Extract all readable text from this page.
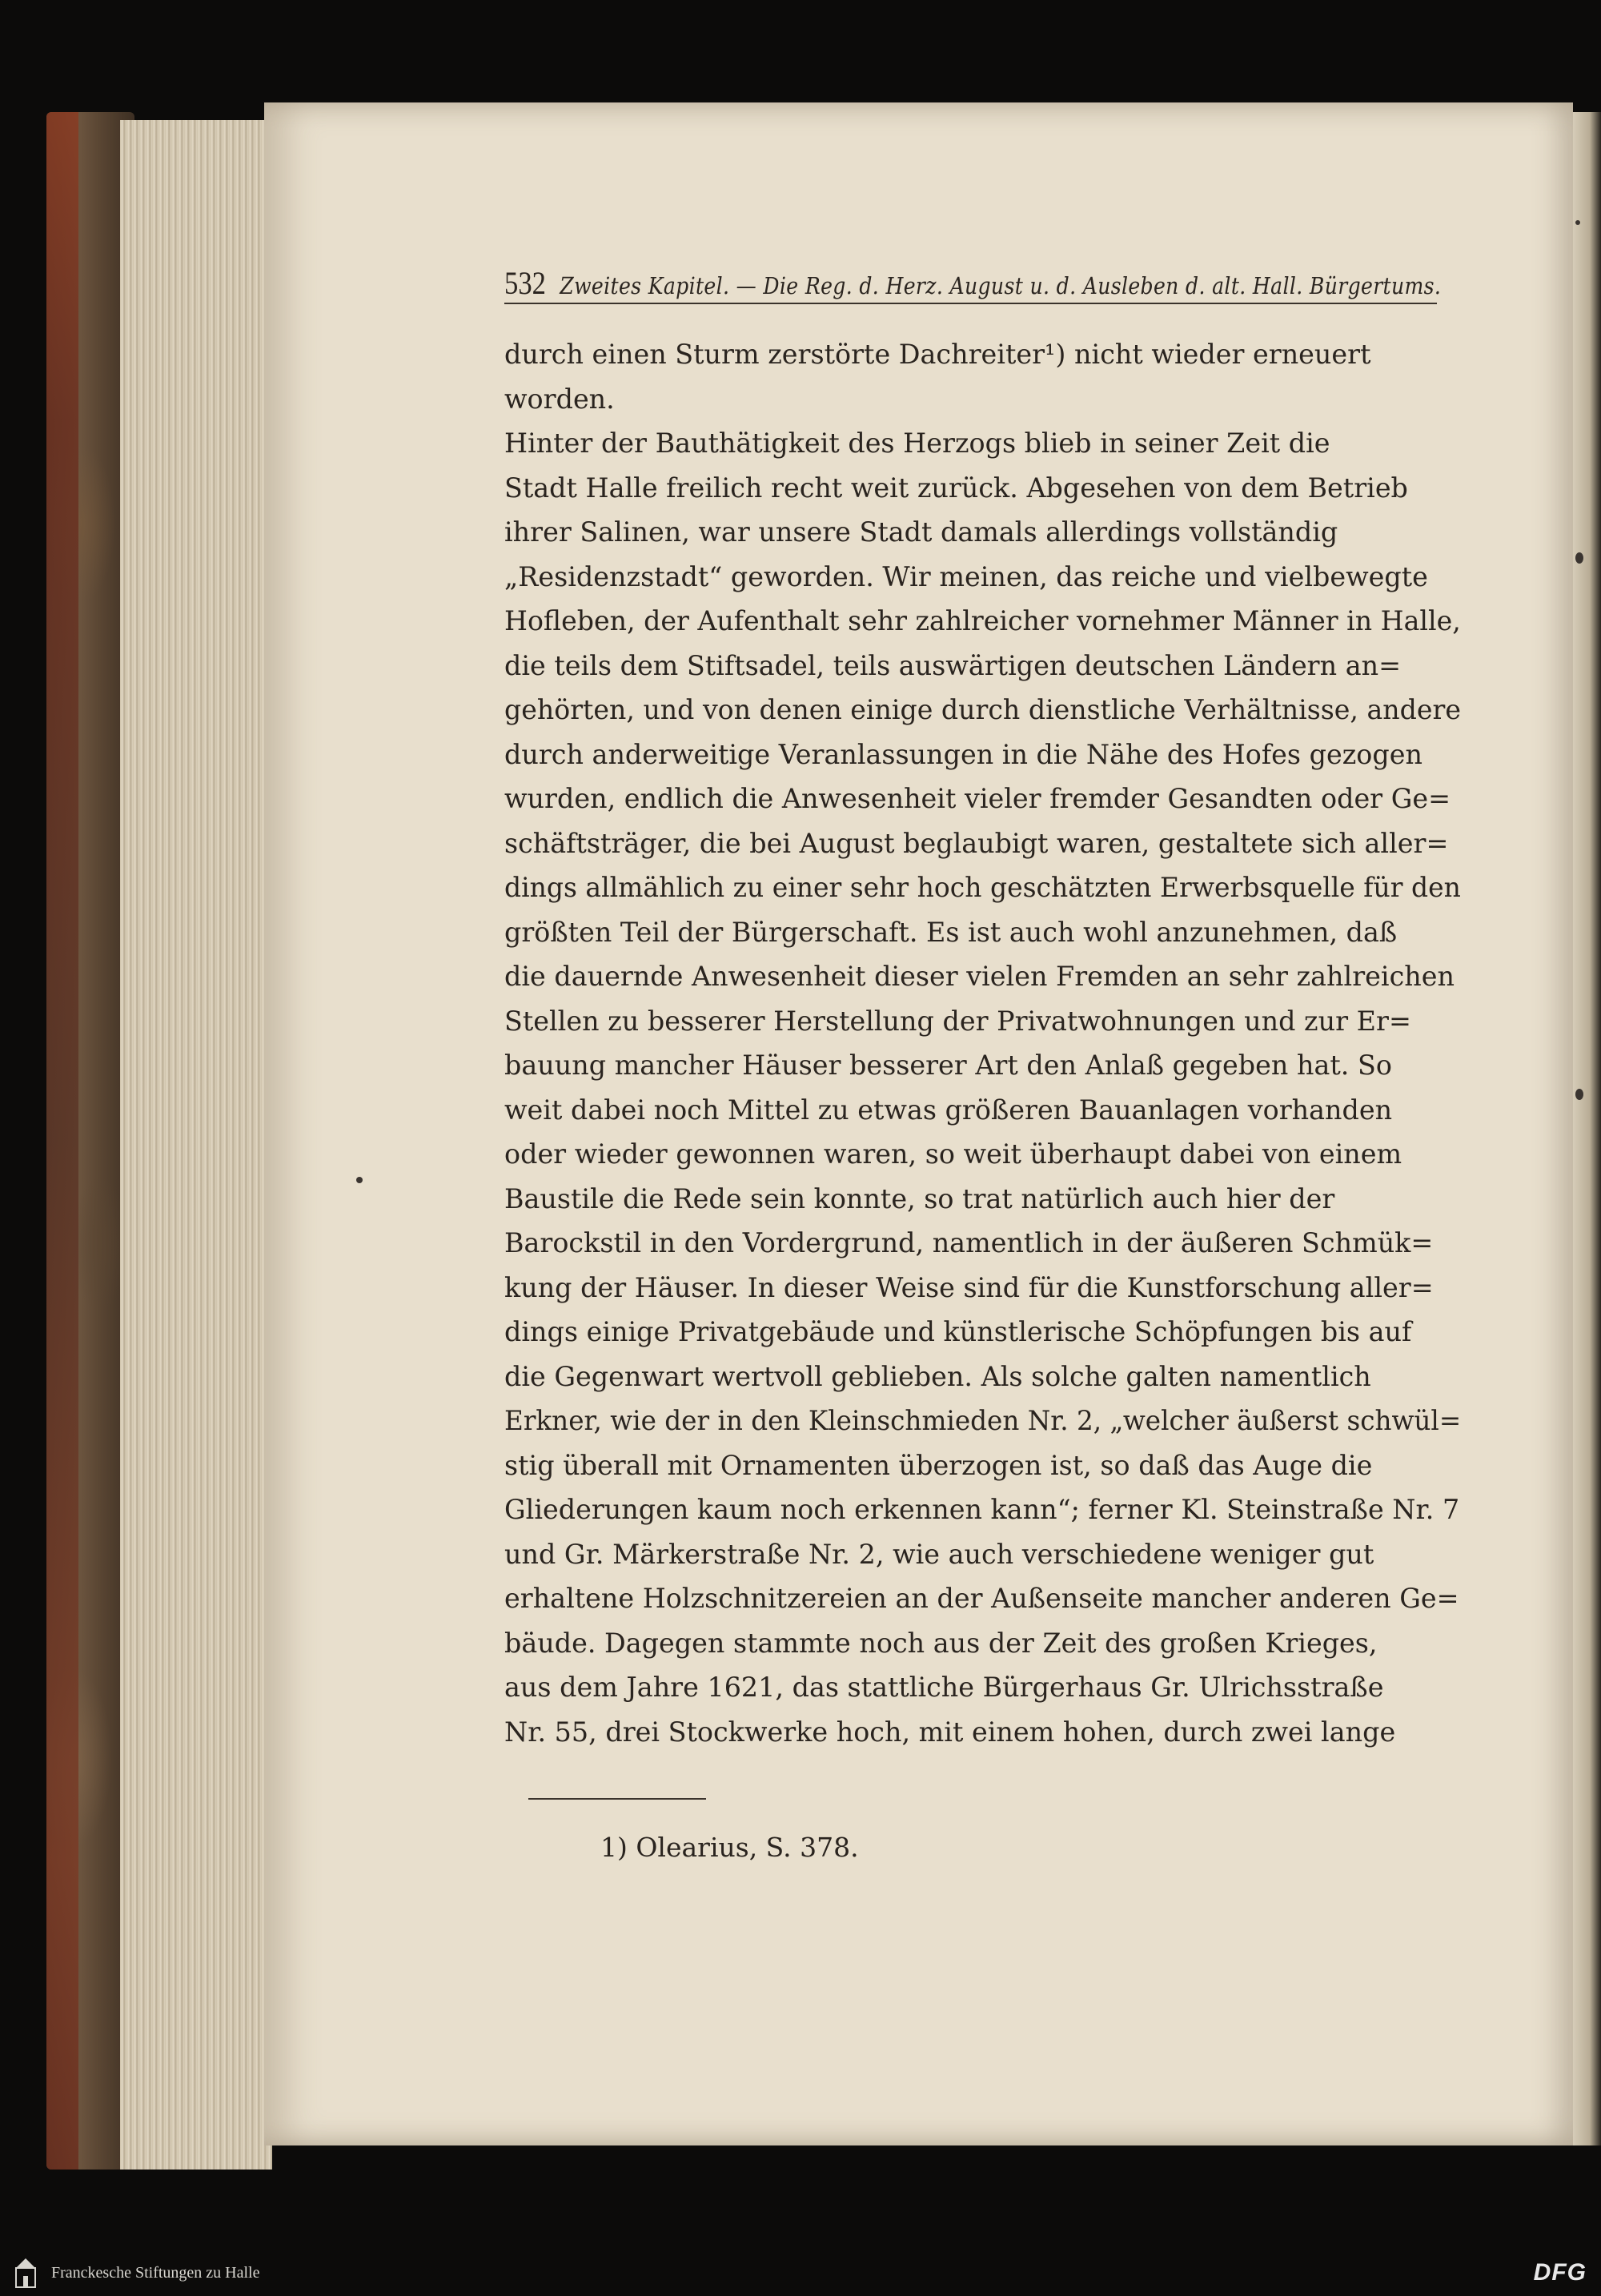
532 Zweites Kapitel. — Die Reg. d. Herz. August u. d. Ausleben d. alt. Hall. Bürgertums.
durch einen Sturm zerstörte Dachreiter¹) nicht wieder erneuert
worden.
Hinter der Bauthätigkeit des Herzogs blieb in seiner Zeit die
Stadt Halle freilich recht weit zurück. Abgesehen von dem Betrieb
ihrer Salinen, war unsere Stadt damals allerdings vollständig
„Residenzstadt“ geworden. Wir meinen, das reiche und vielbewegte
Hofleben, der Aufenthalt sehr zahlreicher vornehmer Männer in Halle,
die teils dem Stiftsadel, teils auswärtigen deutschen Ländern an=
gehörten, und von denen einige durch dienstliche Verhältnisse, andere
durch anderweitige Veranlassungen in die Nähe des Hofes gezogen
wurden, endlich die Anwesenheit vieler fremder Gesandten oder Ge=
schäftsträger, die bei August beglaubigt waren, gestaltete sich aller=
dings allmählich zu einer sehr hoch geschätzten Erwerbsquelle für den
größten Teil der Bürgerschaft. Es ist auch wohl anzunehmen, daß
die dauernde Anwesenheit dieser vielen Fremden an sehr zahlreichen
Stellen zu besserer Herstellung der Privatwohnungen und zur Er=
bauung mancher Häuser besserer Art den Anlaß gegeben hat. So
weit dabei noch Mittel zu etwas größeren Bauanlagen vorhanden
oder wieder gewonnen waren, so weit überhaupt dabei von einem
Baustile die Rede sein konnte, so trat natürlich auch hier der
Barockstil in den Vordergrund, namentlich in der äußeren Schmük=
kung der Häuser. In dieser Weise sind für die Kunstforschung aller=
dings einige Privatgebäude und künstlerische Schöpfungen bis auf
die Gegenwart wertvoll geblieben. Als solche galten namentlich
Erkner, wie der in den Kleinschmieden Nr. 2, „welcher äußerst schwül=
stig überall mit Ornamenten überzogen ist, so daß das Auge die
Gliederungen kaum noch erkennen kann“; ferner Kl. Steinstraße Nr. 7
und Gr. Märkerstraße Nr. 2, wie auch verschiedene weniger gut
erhaltene Holzschnitzereien an der Außenseite mancher anderen Ge=
bäude. Dagegen stammte noch aus der Zeit des großen Krieges,
aus dem Jahre 1621, das stattliche Bürgerhaus Gr. Ulrichsstraße
Nr. 55, drei Stockwerke hoch, mit einem hohen, durch zwei lange
1) Olearius, S. 378.
Franckesche Stiftungen zu Halle	DFG
